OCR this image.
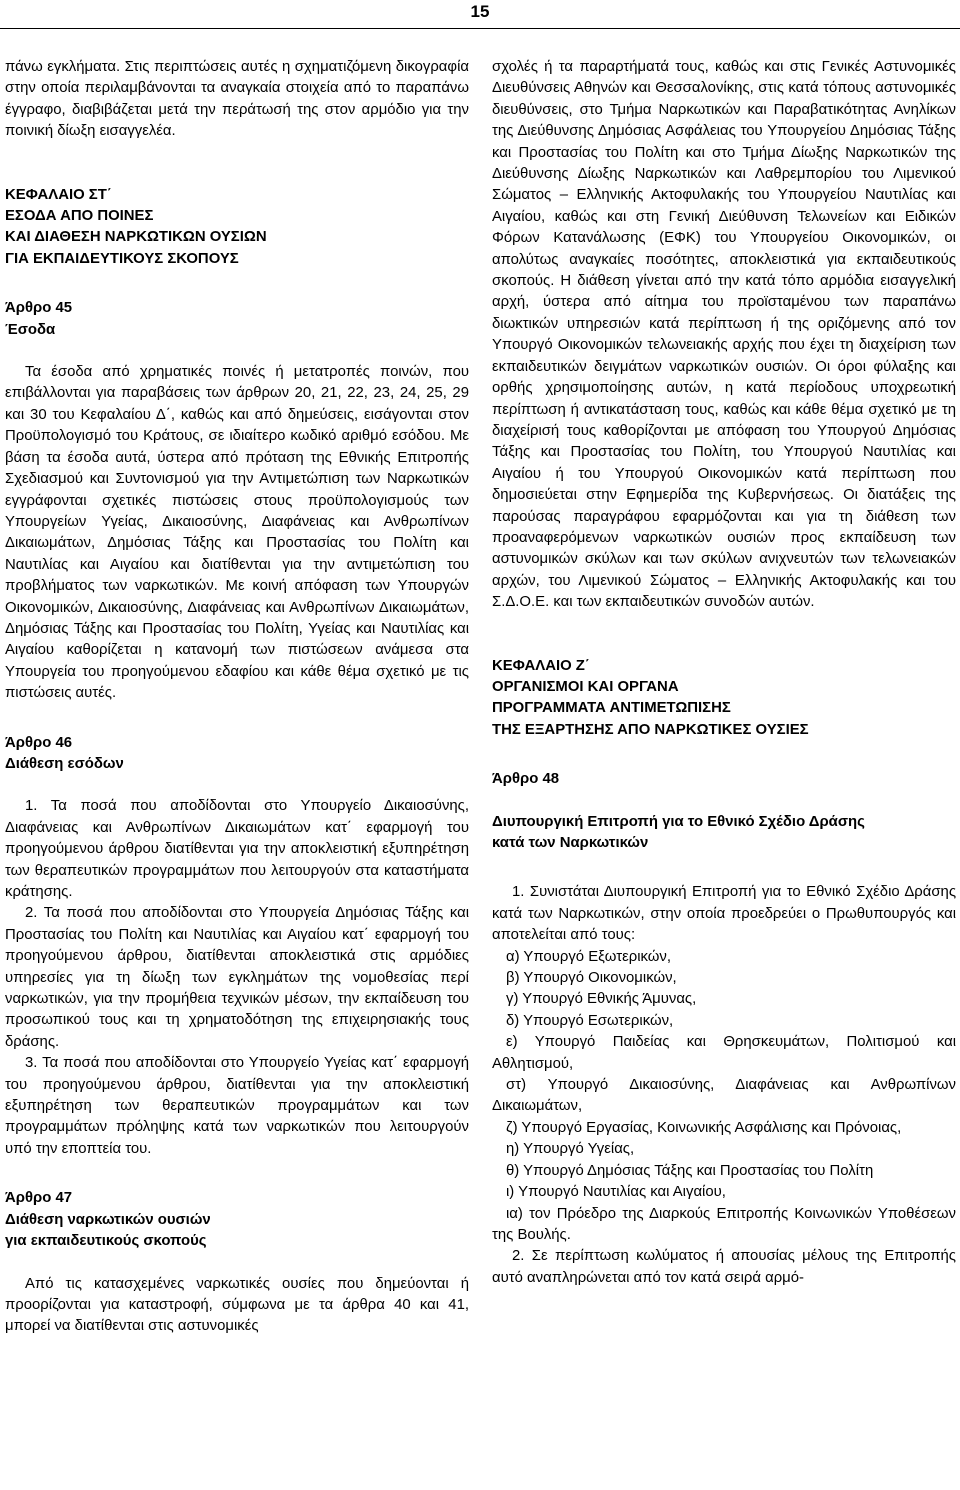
15

πάνω εγκλήματα. Στις περιπτώσεις αυτές η σχηματιζόμενη δικογραφία στην οποία περιλαμβάνονται τα αναγκαία στοιχεία από το παραπάνω έγγραφο, διαβιβάζεται μετά την περάτωσή της στον αρμόδιο για την ποινική δίωξη εισαγγελέα.

ΚΕΦΑΛΑΙΟ ΣΤ΄

ΕΣΟΔΑ ΑΠΟ ΠΟΙΝΕΣ

ΚΑΙ ΔΙΑΘΕΣΗ ΝΑΡΚΩΤΙΚΩΝ ΟΥΣΙΩΝ

ΓΙΑ ΕΚΠΑΙΔΕΥΤΙΚΟΥΣ ΣΚΟΠΟΥΣ

Άρθρο 45

Έσοδα

Τα έσοδα από χρηματικές ποινές ή μετατροπές ποινών, που επιβάλλονται για παραβάσεις των άρθρων 20, 21, 22, 23, 24, 25, 29 και 30 του Κεφαλαίου Δ΄, καθώς και από δημεύσεις, εισάγονται στον Προϋπολογισμό του Κράτους, σε ιδιαίτερο κωδικό αριθμό εσόδου. Με βάση τα έσοδα αυτά, ύστερα από πρόταση της Εθνικής Επιτροπής Σχεδιασμού και Συντονισμού για την Αντιμετώπιση των Ναρκωτικών εγγράφονται σχετικές πιστώσεις στους προϋπολογισμούς των Υπουργείων Υγείας, Δικαιοσύνης, Διαφάνειας και Ανθρωπίνων Δικαιωμάτων, Δημόσιας Τάξης και Προστασίας του Πολίτη και Ναυτιλίας και Αιγαίου και διατίθενται για την αντιμετώπιση του προβλήματος των ναρκωτικών. Με κοινή απόφαση των Υπουργών Οικονομικών, Δικαιοσύνης, Διαφάνειας και Ανθρωπίνων Δικαιωμάτων, Δημόσιας Τάξης και Προστασίας του Πολίτη, Υγείας και Ναυτιλίας και Αιγαίου καθορίζεται η κατανομή των πιστώσεων ανάμεσα στα Υπουργεία του προηγούμενου εδαφίου και κάθε θέμα σχετικό με τις πιστώσεις αυτές.

Άρθρο 46

Διάθεση εσόδων

1. Τα ποσά που αποδίδονται στο Υπουργείο Δικαιοσύνης, Διαφάνειας και Ανθρωπίνων Δικαιωμάτων κατ΄ εφαρμογή του προηγούμενου άρθρου διατίθενται για την αποκλειστική εξυπηρέτηση των θεραπευτικών προγραμμάτων που λειτουργούν στα καταστήματα κράτησης.

2. Τα ποσά που αποδίδονται στο Υπουργεία Δημόσιας Τάξης και Προστασίας του Πολίτη και Ναυτιλίας και Αιγαίου κατ΄ εφαρμογή του προηγούμενου άρθρου, διατίθενται αποκλειστικά στις αρμόδιες υπηρεσίες για τη δίωξη των εγκλημάτων της νομοθεσίας περί ναρκωτικών, για την προμήθεια τεχνικών μέσων, την εκπαίδευση του προσωπικού τους και τη χρηματοδότηση της επιχειρησιακής τους δράσης.

3. Τα ποσά που αποδίδονται στο Υπουργείο Υγείας κατ΄ εφαρμογή του προηγούμενου άρθρου, διατίθενται για την αποκλειστική εξυπηρέτηση των θεραπευτικών προγραμμάτων και των προγραμμάτων πρόληψης κατά των ναρκωτικών που λειτουργούν υπό την εποπτεία του.

Άρθρο 47

Διάθεση ναρκωτικών ουσιών

για εκπαιδευτικούς σκοπούς

Από τις κατασχεμένες ναρκωτικές ουσίες που δημεύονται ή προορίζονται για καταστροφή, σύμφωνα με τα άρθρα 40 και 41, μπορεί να διατίθενται στις αστυνομικές

σχολές ή τα παραρτήματά τους, καθώς και στις Γενικές Αστυνομικές Διευθύνσεις Αθηνών και Θεσσαλονίκης, στις κατά τόπους αστυνομικές διευθύνσεις, στο Τμήμα Ναρκωτικών και Παραβατικότητας Ανηλίκων της Διεύθυνσης Δημόσιας Ασφάλειας του Υπουργείου Δημόσιας Τάξης και Προστασίας του Πολίτη και στο Τμήμα Δίωξης Ναρκωτικών της Διεύθυνσης Δίωξης Ναρκωτικών και Λαθρεμπορίου του Λιμενικού Σώματος – Ελληνικής Ακτοφυλακής του Υπουργείου Ναυτιλίας και Αιγαίου, καθώς και στη Γενική Διεύθυνση Τελωνείων και Ειδικών Φόρων Κατανάλωσης (ΕΦΚ) του Υπουργείου Οικονομικών, οι απολύτως αναγκαίες ποσότητες, αποκλειστικά για εκπαιδευτικούς σκοπούς. Η διάθεση γίνεται από την κατά τόπο αρμόδια εισαγγελική αρχή, ύστερα από αίτημα του προϊσταμένου των παραπάνω διωκτικών υπηρεσιών κατά περίπτωση ή της οριζόμενης από τον Υπουργό Οικονομικών τελωνειακής αρχής που έχει τη διαχείριση των εκπαιδευτικών δειγμάτων ναρκωτικών ουσιών. Οι όροι φύλαξης και ορθής χρησιμοποίησης αυτών, η κατά περίοδους υποχρεωτική περίπτωση ή αντικατάσταση τους, καθώς και κάθε θέμα σχετικό με τη διαχείρισή τους καθορίζονται με απόφαση του Υπουργού Δημόσιας Τάξης και Προστασίας του Πολίτη, του Υπουργού Ναυτιλίας και Αιγαίου ή του Υπουργού Οικονομικών κατά περίπτωση που δημοσιεύεται στην Εφημερίδα της Κυβερνήσεως. Οι διατάξεις της παρούσας παραγράφου εφαρμόζονται και για τη διάθεση των προαναφερόμενων ναρκωτικών ουσιών προς εκπαίδευση των αστυνομικών σκύλων και των σκύλων ανιχνευτών των τελωνειακών αρχών, του Λιμενικού Σώματος – Ελληνικής Ακτοφυλακής και του Σ.Δ.Ο.Ε. και των εκπαιδευτικών συνοδών αυτών.

ΚΕΦΑΛΑΙΟ Ζ΄

ΟΡΓΑΝΙΣΜΟΙ ΚΑΙ ΟΡΓΑΝΑ

ΠΡΟΓΡΑΜΜΑΤΑ ΑΝΤΙΜΕΤΩΠΙΣΗΣ

ΤΗΣ ΕΞΑΡΤΗΣΗΣ ΑΠΟ ΝΑΡΚΩΤΙΚΕΣ ΟΥΣΙΕΣ

Άρθρο 48

Διυπουργική Επιτροπή για το Εθνικό Σχέδιο Δράσης

κατά των Ναρκωτικών

1. Συνιστάται Διυπουργική Επιτροπή για το Εθνικό Σχέδιο Δράσης κατά των Ναρκωτικών, στην οποία προεδρεύει ο Πρωθυπουργός και αποτελείται από τους:

α) Υπουργό Εξωτερικών,

β) Υπουργό Οικονομικών,

γ) Υπουργό Εθνικής Άμυνας,

δ) Υπουργό Εσωτερικών,

ε) Υπουργό Παιδείας και Θρησκευμάτων, Πολιτισμού και Αθλητισμού,

στ) Υπουργό Δικαιοσύνης, Διαφάνειας και Ανθρωπίνων Δικαιωμάτων,

ζ) Υπουργό Εργασίας, Κοινωνικής Ασφάλισης και Πρόνοιας,

η) Υπουργό Υγείας,

θ) Υπουργό Δημόσιας Τάξης και Προστασίας του Πολίτη

ι) Υπουργό Ναυτιλίας και Αιγαίου,

ια) τον Πρόεδρο της Διαρκούς Επιτροπής Κοινωνικών Υποθέσεων της Βουλής.

2. Σε περίπτωση κωλύματος ή απουσίας μέλους της Επιτροπής αυτό αναπληρώνεται από τον κατά σειρά αρμό-
